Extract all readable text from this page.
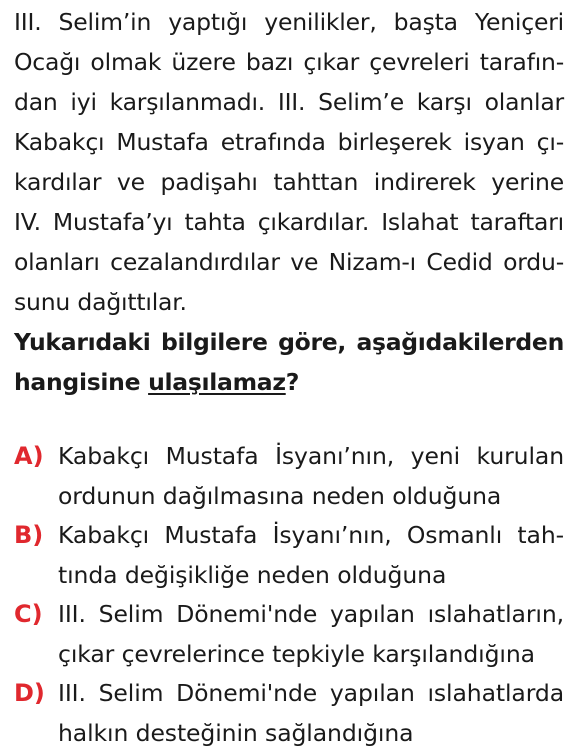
III. Selim’in yaptığı yenilikler, başta Yeniçeri
Ocağı olmak üzere bazı çıkar çevreleri tarafın-
dan iyi karşılanmadı. III. Selim’e karşı olanlar
Kabakçı Mustafa etrafında birleşerek isyan çı-
kardılar ve padişahı tahttan indirerek yerine
IV. Mustafa’yı tahta çıkardılar. Islahat taraftarı
olanları cezalandırdılar ve Nizam-ı Cedid ordu-
sunu dağıttılar.
Yukarıdaki bilgilere göre, aşağıdakilerden
hangisine ulaşılamaz?
A) Kabakçı Mustafa İsyanı’nın, yeni kurulan
ordunun dağılmasına neden olduğuna
B) Kabakçı Mustafa İsyanı’nın, Osmanlı tah-
tında değişikliğe neden olduğuna
C) III. Selim Dönemi'nde yapılan ıslahatların,
çıkar çevrelerince tepkiyle karşılandığına
D) III. Selim Dönemi'nde yapılan ıslahatlarda
halkın desteğinin sağlandığına
